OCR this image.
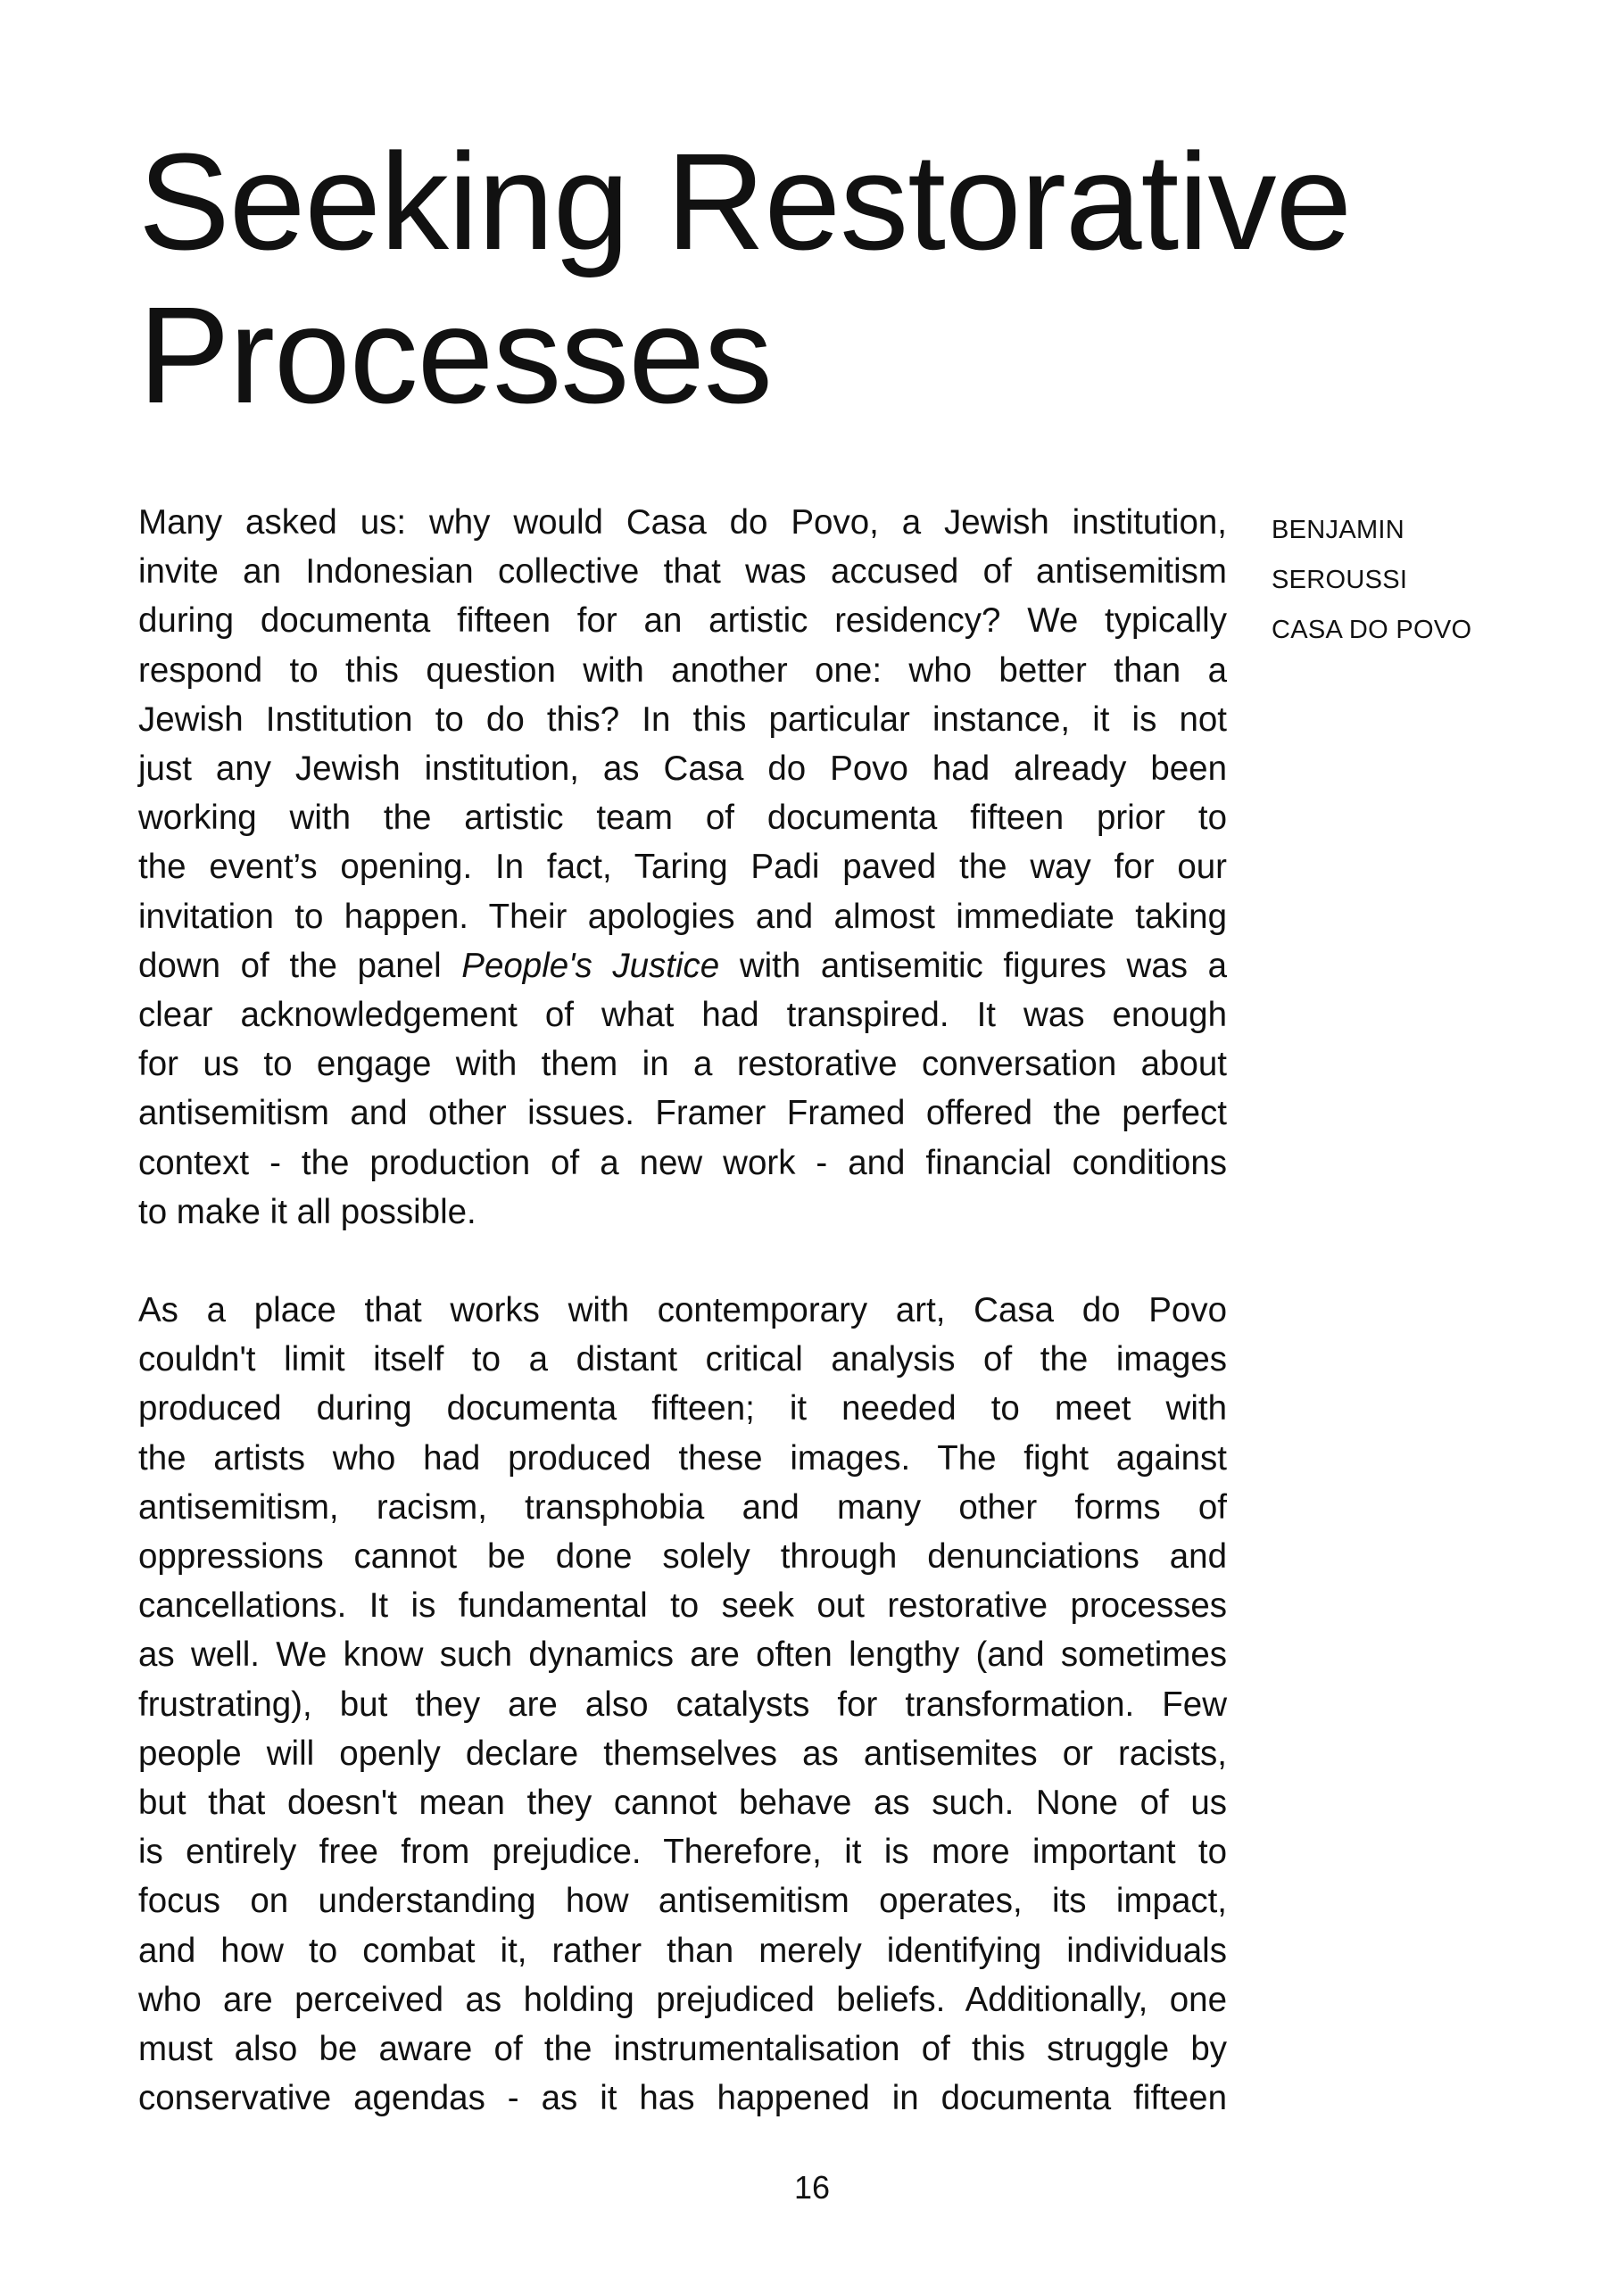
Seeking Restorative
Processes
BENJAMIN
SEROUSSI
CASA DO POVO

Many asked us: why would Casa do Povo, a Jewish institution,
invite an Indonesian collective that was accused of antisemitism
during documenta fifteen for an artistic residency? We typically
respond to this question with another one: who better than a
Jewish Institution to do this? In this particular instance, it is not
just any Jewish institution, as Casa do Povo had already been
working with the artistic team of documenta fifteen prior to
the event’s opening. In fact, Taring Padi paved the way for our
invitation to happen. Their apologies and almost immediate taking
down of the panel People's Justice with antisemitic figures was a
clear acknowledgement of what had transpired. It was enough
for us to engage with them in a restorative conversation about
antisemitism and other issues. Framer Framed offered the perfect
context - the production of a new work - and financial conditions
to make it all possible.

As a place that works with contemporary art, Casa do Povo
couldn't limit itself to a distant critical analysis of the images
produced during documenta fifteen; it needed to meet with
the artists who had produced these images. The fight against
antisemitism, racism, transphobia and many other forms of
oppressions cannot be done solely through denunciations and
cancellations. It is fundamental to seek out restorative processes
as well. We know such dynamics are often lengthy (and sometimes
frustrating), but they are also catalysts for transformation. Few
people will openly declare themselves as antisemites or racists,
but that doesn't mean they cannot behave as such. None of us
is entirely free from prejudice. Therefore, it is more important to
focus on understanding how antisemitism operates, its impact,
and how to combat it, rather than merely identifying individuals
who are perceived as holding prejudiced beliefs. Additionally, one
must also be aware of the instrumentalisation of this struggle by
conservative agendas - as it has happened in documenta fifteen

16
